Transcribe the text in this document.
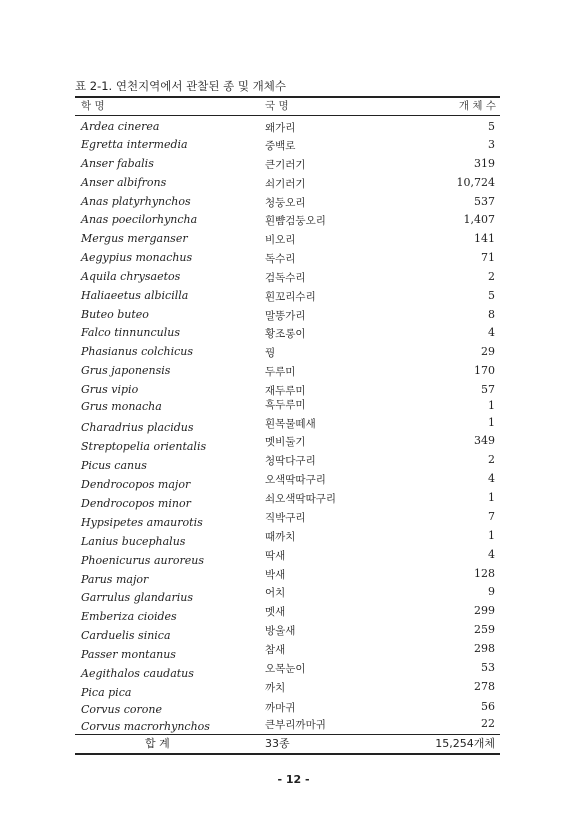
표 2-1. 연천지역에서 관찰된 종 및 개체수
학 명	국 명	개 체 수
Ardea cinerea	왜가리	5
Egretta intermedia	중백로	3
Anser fabalis	큰기러기	319
Anser albifrons	쇠기러기	10,724
Anas platyrhynchos	청둥오리	537
Anas poecilorhyncha	흰뺨검둥오리	1,407
Mergus merganser	비오리	141
Aegypius monachus	독수리	71
Aquila chrysaetos	검독수리	2
Haliaeetus albicilla	흰꼬리수리	5
Buteo buteo	말똥가리	8
Falco tinnunculus	황조롱이	4
Phasianus colchicus	꿩	29
Grus japonensis	두루미	170
Grus vipio	재두루미	57
Grus monacha	흑두루미	1
Charadrius placidus	흰목물떼새	1
Streptopelia orientalis	멧비둘기	349
Picus canus	청딱다구리	2
Dendrocopos major	오색딱따구리	4
Dendrocopos minor	쇠오색딱따구리	1
Hypsipetes amaurotis	직박구리	7
Lanius bucephalus	때까치	1
Phoenicurus auroreus	딱새	4
Parus major	박새	128
Garrulus glandarius	어치	9
Emberiza cioides	멧새	299
Carduelis sinica	방울새	259
Passer montanus	참새	298
Aegithalos caudatus	오목눈이	53
Pica pica	까치	278
Corvus corone	까마귀	56
Corvus macrorhynchos	큰부리까마귀	22
합 계	33종	15,254개체
- 12 -
